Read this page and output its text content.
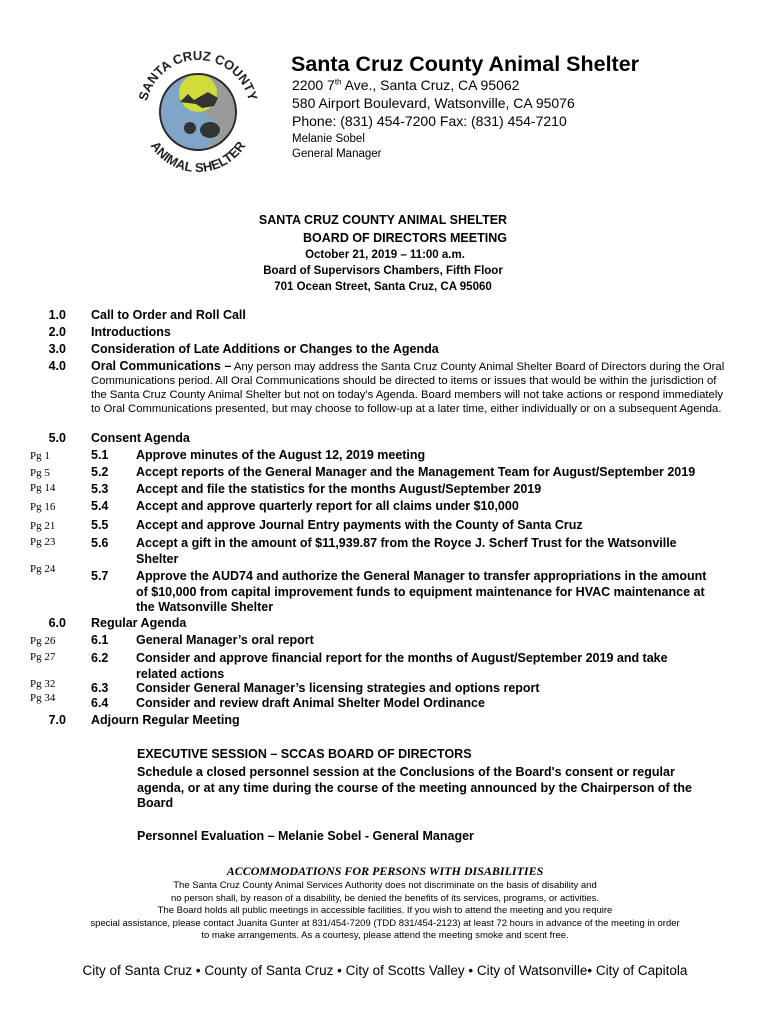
SANTA CRUZ COUNTY
ANIMAL SHELTER
Santa Cruz County Animal Shelter
2200 7th Ave., Santa Cruz, CA 95062
580 Airport Boulevard, Watsonville, CA 95076
Phone: (831) 454-7200 Fax: (831) 454-7210
Melanie Sobel
General Manager
SANTA CRUZ COUNTY ANIMAL SHELTER
BOARD OF DIRECTORS MEETING
October 21, 2019 – 11:00 a.m.
Board of Supervisors Chambers, Fifth Floor
701 Ocean Street, Santa Cruz, CA 95060
1.0 Call to Order and Roll Call
2.0 Introductions
3.0 Consideration of Late Additions or Changes to the Agenda
4.0 Oral Communications – Any person may address the Santa Cruz County Animal Shelter Board of Directors during the Oral Communications period. All Oral Communications should be directed to items or issues that would be within the jurisdiction of the Santa Cruz County Animal Shelter but not on today's Agenda. Board members will not take actions or respond immediately to Oral Communications presented, but may choose to follow-up at a later time, either individually or on a subsequent Agenda.
5.0 Consent Agenda
Pg 1	5.1 Approve minutes of the August 12, 2019 meeting
Pg 5	5.2 Accept reports of the General Manager and the Management Team for August/September 2019
Pg 14	5.3 Accept and file the statistics for the months August/September 2019
Pg 16	5.4 Accept and approve quarterly report for all claims under $10,000
Pg 21	5.5 Accept and approve Journal Entry payments with the County of Santa Cruz
Pg 23	5.6 Accept a gift in the amount of $11,939.87 from the Royce J. Scherf Trust for the Watsonville Shelter
Pg 24	5.7 Approve the AUD74 and authorize the General Manager to transfer appropriations in the amount of $10,000 from capital improvement funds to equipment maintenance for HVAC maintenance at the Watsonville Shelter
6.0 Regular Agenda
Pg 26	6.1 General Manager’s oral report
Pg 27	6.2 Consider and approve financial report for the months of August/September 2019 and take related actions
Pg 32	6.3 Consider General Manager’s licensing strategies and options report
Pg 34	6.4 Consider and review draft Animal Shelter Model Ordinance
7.0 Adjourn Regular Meeting
EXECUTIVE SESSION – SCCAS BOARD OF DIRECTORS
Schedule a closed personnel session at the Conclusions of the Board's consent or regular agenda, or at any time during the course of the meeting announced by the Chairperson of the Board
Personnel Evaluation – Melanie Sobel - General Manager
ACCOMMODATIONS FOR PERSONS WITH DISABILITIES
The Santa Cruz County Animal Services Authority does not discriminate on the basis of disability and
no person shall, by reason of a disability, be denied the benefits of its services, programs, or activities.
The Board holds all public meetings in accessible facilities. If you wish to attend the meeting and you require
special assistance, please contact Juanita Gunter at 831/454-7209 (TDD 831/454-2123) at least 72 hours in advance of the meeting in order
to make arrangements. As a courtesy, please attend the meeting smoke and scent free.
City of Santa Cruz • County of Santa Cruz • City of Scotts Valley • City of Watsonville• City of Capitola
